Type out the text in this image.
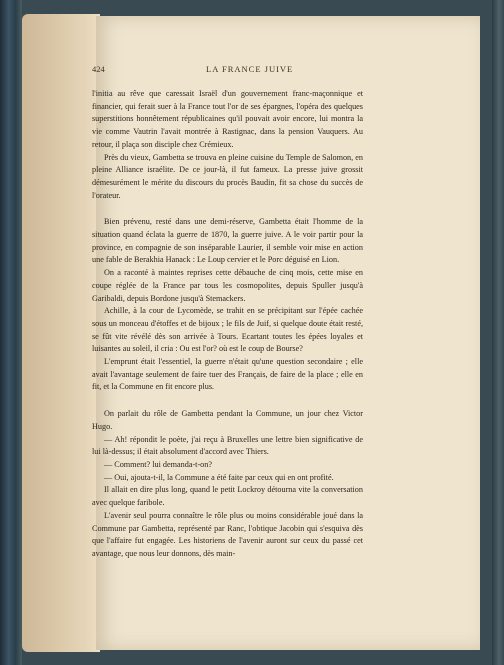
424	LA FRANCE JUIVE

l'initia au rêve que caressait Israël d'un gouvernement franc-maçonnique et financier, qui ferait suer à la France tout l'or de ses épargnes, l'opéra des quelques superstitions honnêtement républicaines qu'il pouvait avoir encore, lui montra la vie comme Vautrin l'avait montrée à Rastignac, dans la pension Vauquers. Au retour, il plaça son disciple chez Crémieux.

Près du vieux, Gambetta se trouva en pleine cuisine du Temple de Salomon, en pleine Alliance israélite. De ce jour-là, il fut fameux. La presse juive grossit démesurément le mérite du discours du procès Baudin, fit sa chose du succès de l'orateur.

Bien prévenu, resté dans une demi-réserve, Gambetta était l'homme de la situation quand éclata la guerre de 1870, la guerre juive. A le voir partir pour la province, en compagnie de son inséparable Laurier, il semble voir mise en action une fable de Berakhia Hanack : Le Loup cervier et le Porc déguisé en Lion.

On a raconté à maintes reprises cette débauche de cinq mois, cette mise en coupe réglée de la France par tous les cosmopolites, depuis Spuller jusqu'à Garibaldi, depuis Bordone jusqu'à Stemackers.

Achille, à la cour de Lycomède, se trahit en se précipitant sur l'épée cachée sous un monceau d'étoffes et de bijoux ; le fils de Juif, si quelque doute était resté, se fût vite révélé dès son arrivée à Tours. Ecartant toutes les épées loyales et luisantes au soleil, il cria : Ou est l'or? où est le coup de Bourse?

L'emprunt était l'essentiel, la guerre n'était qu'une question secondaire ; elle avait l'avantage seulement de faire tuer des Français, de faire de la place ; elle en fit, et la Commune en fit encore plus.

On parlait du rôle de Gambetta pendant la Commune, un jour chez Victor Hugo.

— Ah! répondit le poète, j'ai reçu à Bruxelles une lettre bien significative de lui là-dessus; il était absolument d'accord avec Thiers.

— Comment? lui demanda-t-on?

— Oui, ajouta-t-il, la Commune a été faite par ceux qui en ont profité.

Il allait en dire plus long, quand le petit Lockroy détourna vite la conversation avec quelque faribole.

L'avenir seul pourra connaître le rôle plus ou moins considérable joué dans la Commune par Gambetta, représenté par Ranc, l'obtique Jacobin qui s'esquiva dès que l'affaire fut engagée. Les historiens de l'avenir auront sur ceux du passé cet avantage, que nous leur donnons, dès main-
